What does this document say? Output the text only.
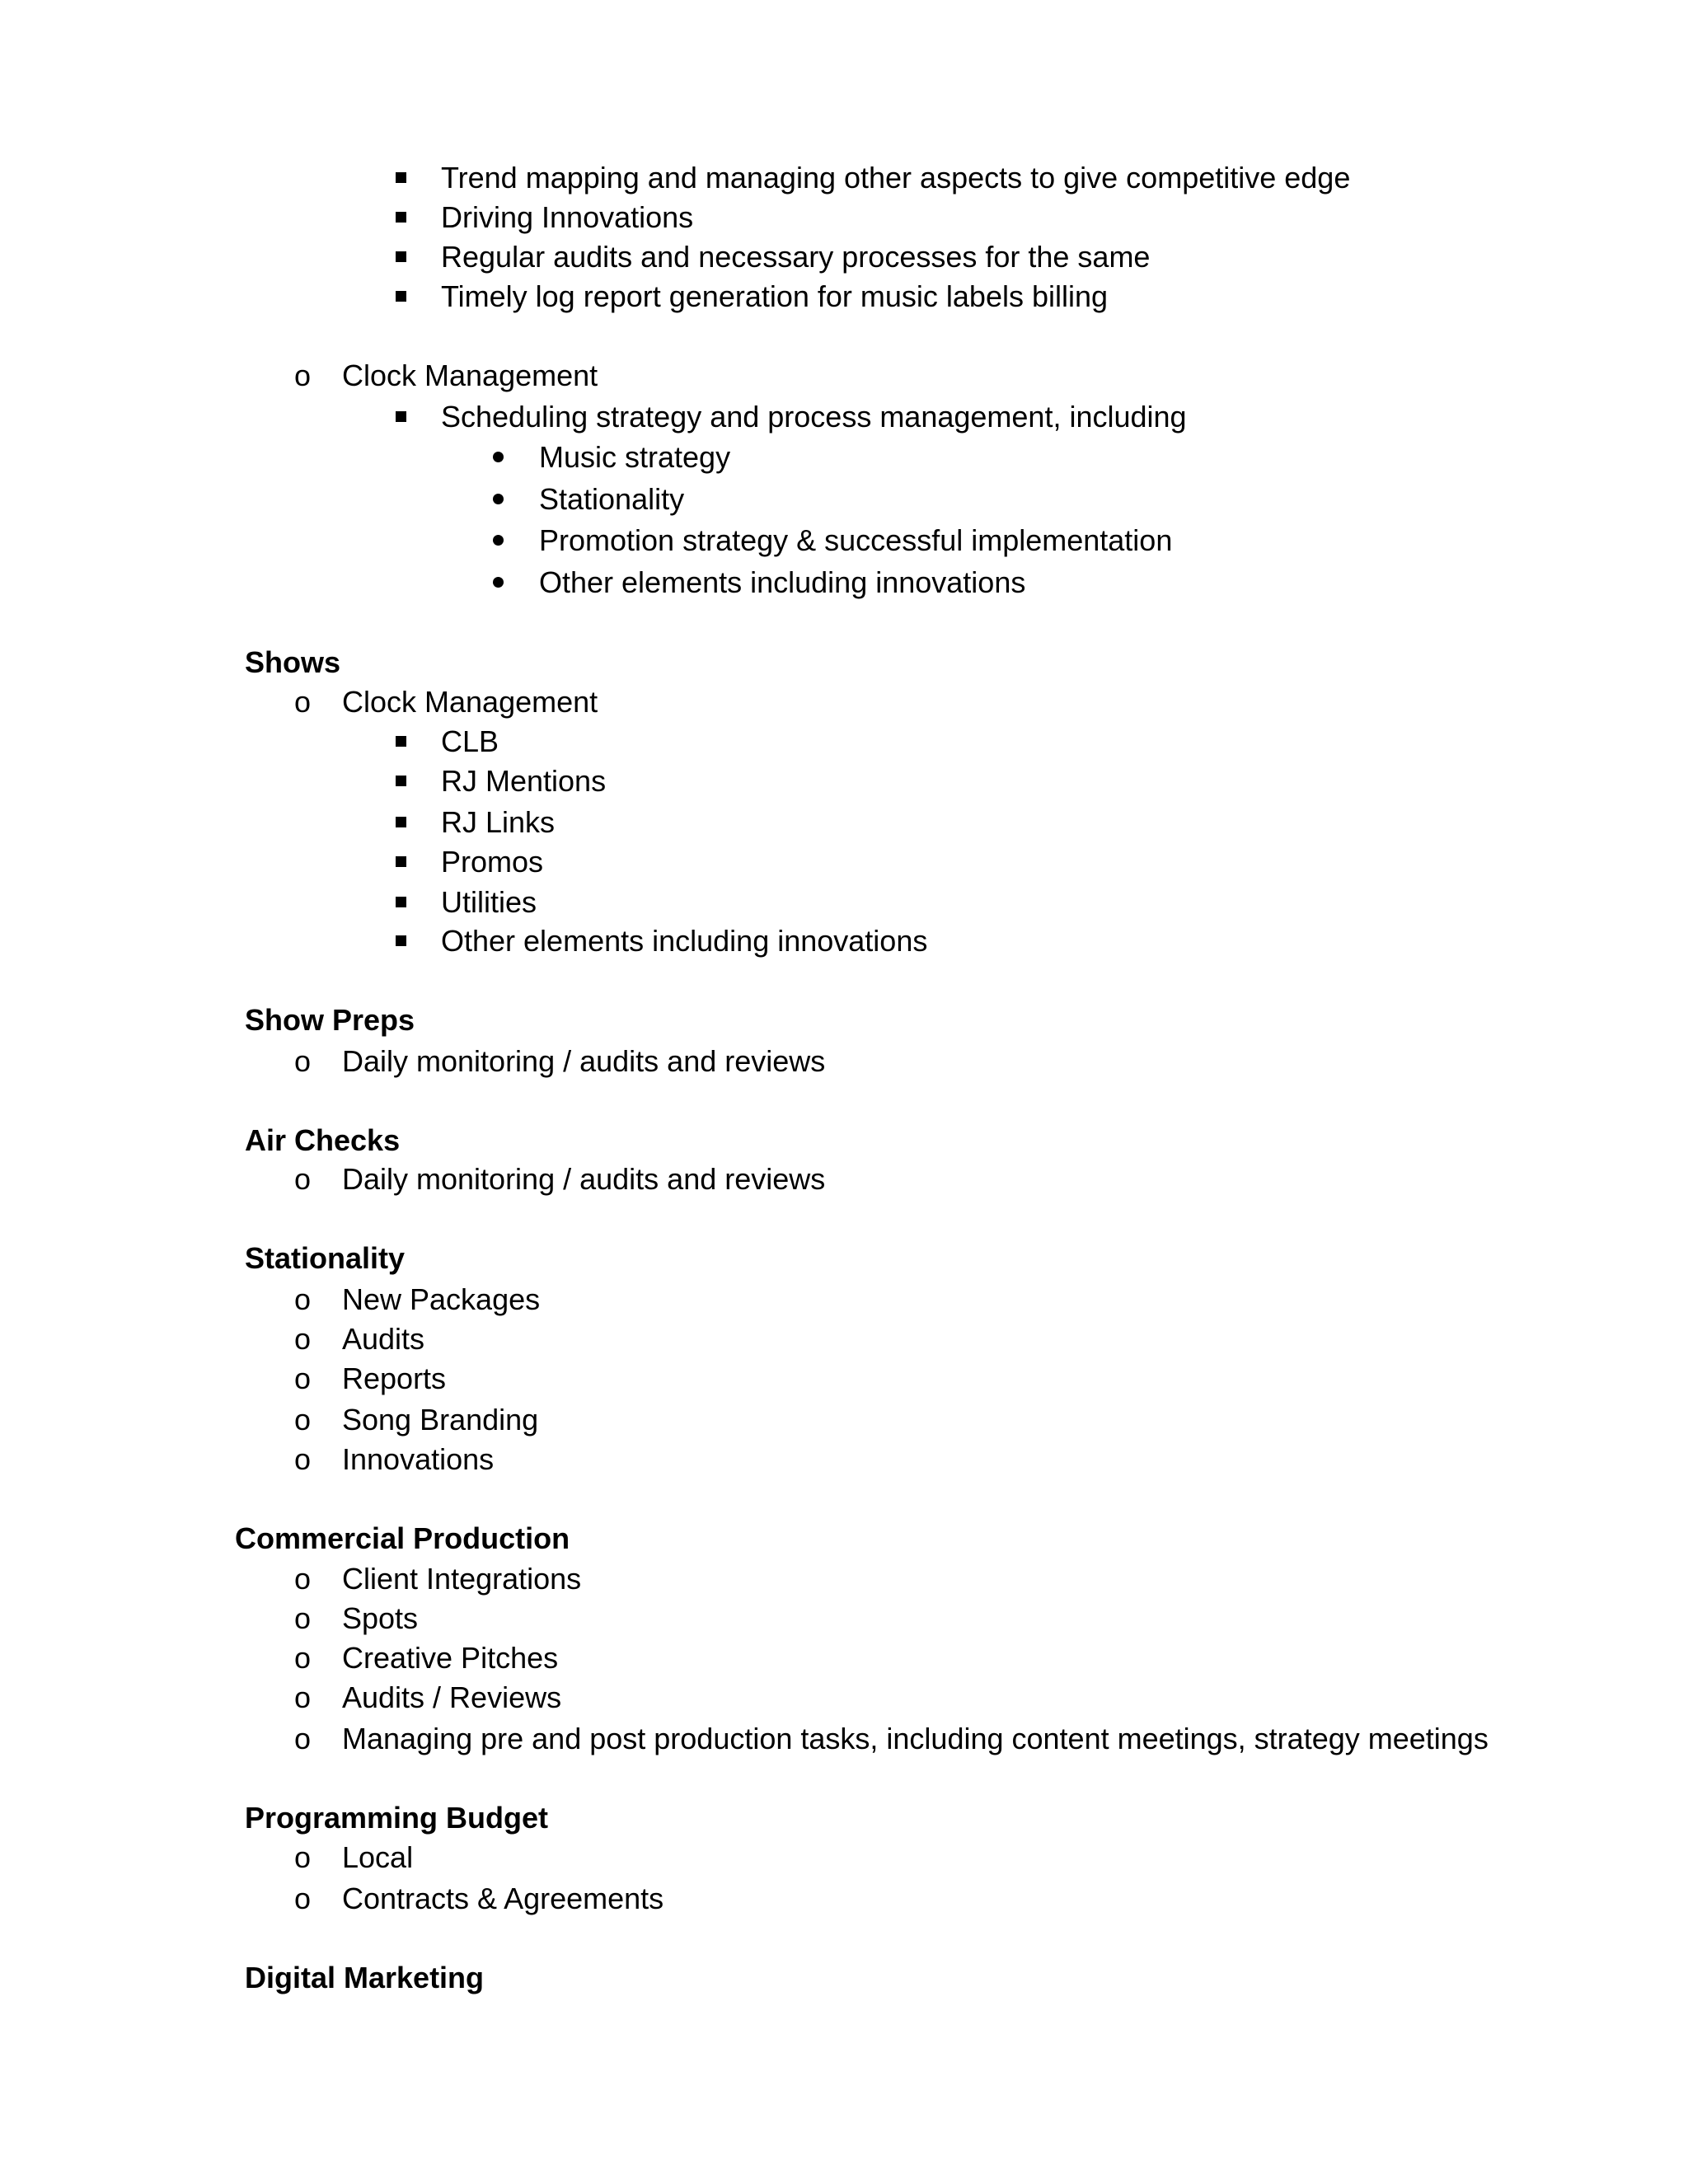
Trend mapping and managing other aspects to give competitive edge
Driving Innovations
Regular audits and necessary processes for the same
Timely log report generation for music labels billing
Clock Management
Scheduling strategy and process management, including
Music strategy
Stationality
Promotion strategy & successful implementation
Other elements including innovations
Shows
Clock Management
CLB
RJ Mentions
RJ Links
Promos
Utilities
Other elements including innovations
Show Preps
Daily monitoring / audits and reviews
Air Checks
Daily monitoring / audits and reviews
Stationality
New Packages
Audits
Reports
Song Branding
Innovations
Commercial Production
Client Integrations
Spots
Creative Pitches
Audits / Reviews
Managing pre and post production tasks, including content meetings, strategy meetings
Programming Budget
Local
Contracts & Agreements
Digital Marketing
o
o
o
o
o
o
o
o
o
o
o
o
o
o
o
o
